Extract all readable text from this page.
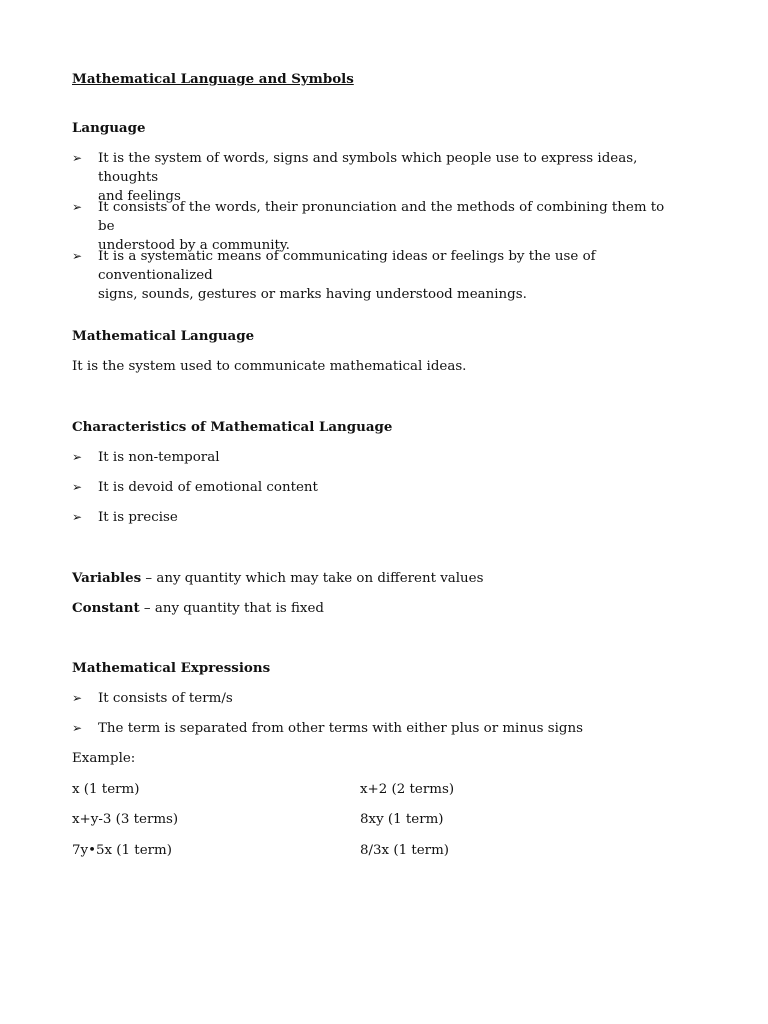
Mathematical Language and Symbols
Language
➢ It is the system of words, signs and symbols which people use to express ideas, thoughts
and feelings
➢ It consists of the words, their pronunciation and the methods of combining them to be
understood by a community.
➢ It is a systematic means of communicating ideas or feelings by the use of conventionalized
signs, sounds, gestures or marks having understood meanings.
Mathematical Language
It is the system used to communicate mathematical ideas.
Characteristics of Mathematical Language
➢ It is non-temporal
➢ It is devoid of emotional content
➢ It is precise
Variables – any quantity which may take on different values
Constant – any quantity that is fixed
Mathematical Expressions
➢ It consists of term/s
➢ The term is separated from other terms with either plus or minus signs
Example:
x (1 term)	x+2 (2 terms)
x+y-3 (3 terms)	8xy (1 term)
7y•5x (1 term)	8/3x (1 term)
